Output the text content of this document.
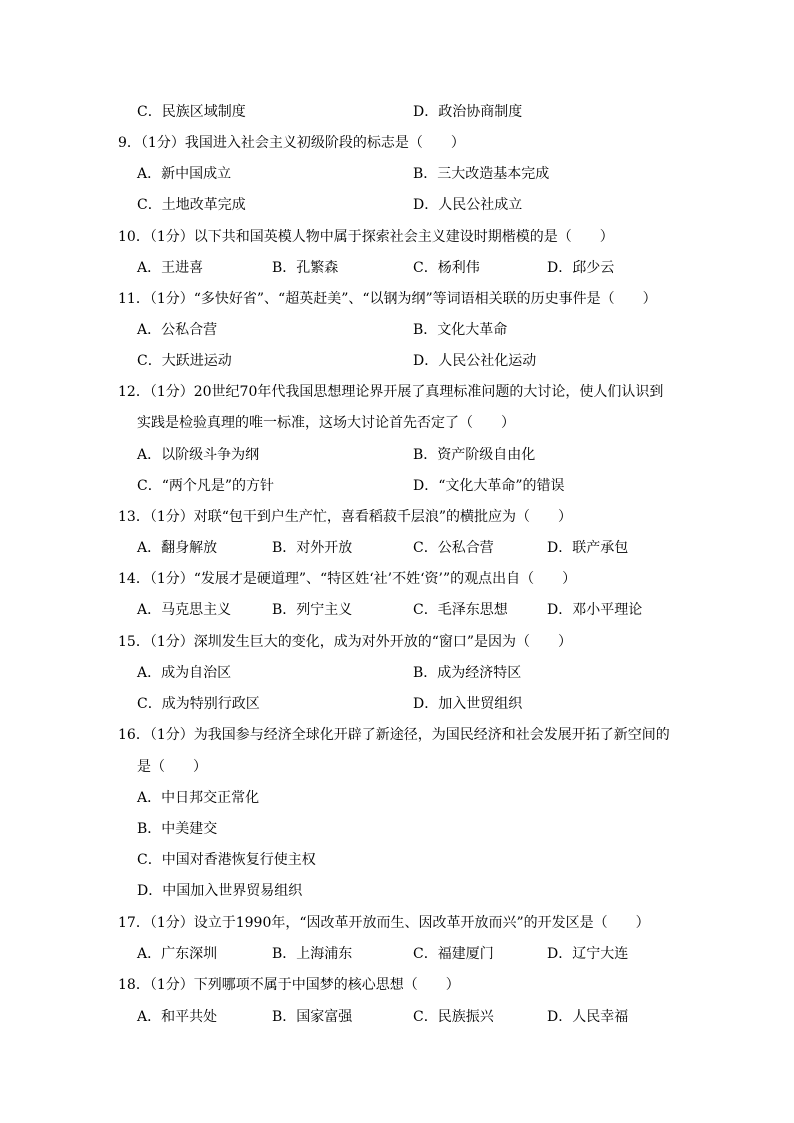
C．民族区域制度	D．政治协商制度
9．（1分）我国进入社会主义初级阶段的标志是（　　）
A．新中国成立	B．三大改造基本完成
C．土地改革完成	D．人民公社成立
10．（1分）以下共和国英模人物中属于探索社会主义建设时期楷模的是（　　）
A．王进喜	B．孔繁森	C．杨利伟	D．邱少云
11．（1分）“多快好省”、“超英赶美”、“以钢为纲”等词语相关联的历史事件是（　　）
A．公私合营	B．文化大革命
C．大跃进运动	D．人民公社化运动
12．（1分）20世纪70年代我国思想理论界开展了真理标准问题的大讨论，使人们认识到
实践是检验真理的唯一标准，这场大讨论首先否定了（　　）
A．以阶级斗争为纲	B．资产阶级自由化
C．“两个凡是”的方针	D．“文化大革命”的错误
13．（1分）对联“包干到户生产忙，喜看稻菽千层浪”的横批应为（　　）
A．翻身解放	B．对外开放	C．公私合营	D．联产承包
14．（1分）“发展才是硬道理”、“特区姓‘社’不姓‘资’”的观点出自（　　）
A．马克思主义	B．列宁主义	C．毛泽东思想	D．邓小平理论
15．（1分）深圳发生巨大的变化，成为对外开放的“窗口”是因为（　　）
A．成为自治区	B．成为经济特区
C．成为特别行政区	D．加入世贸组织
16．（1分）为我国参与经济全球化开辟了新途径，为国民经济和社会发展开拓了新空间的
是（　　）
A．中日邦交正常化
B．中美建交
C．中国对香港恢复行使主权
D．中国加入世界贸易组织
17．（1分）设立于1990年，“因改革开放而生、因改革开放而兴”的开发区是（　　）
A．广东深圳	B．上海浦东	C．福建厦门	D．辽宁大连
18．（1分）下列哪项不属于中国梦的核心思想（　　）
A．和平共处	B．国家富强	C．民族振兴	D．人民幸福
